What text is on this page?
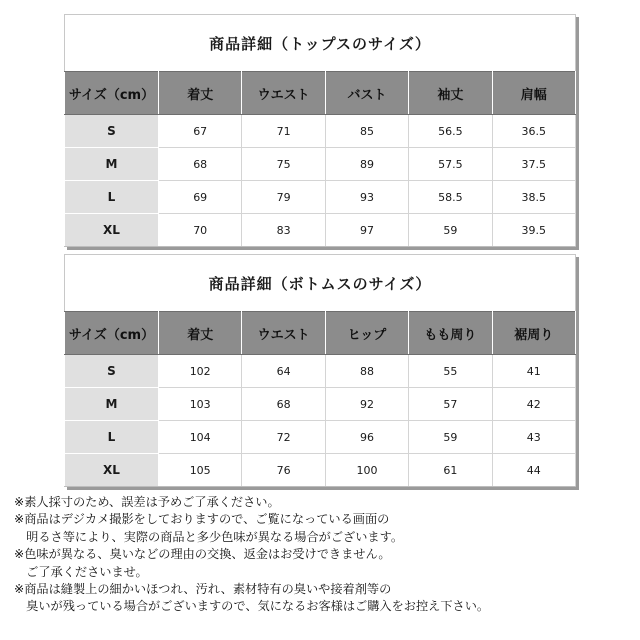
商品詳細（トップスのサイズ）
サイズ（cm）	着丈	ウエスト	バスト	袖丈	肩幅
S	67	71	85	56.5	36.5
M	68	75	89	57.5	37.5
L	69	79	93	58.5	38.5
XL	70	83	97	59	39.5
商品詳細（ボトムスのサイズ）
サイズ（cm）	着丈	ウエスト	ヒップ	もも周り	裾周り
S	102	64	88	55	41
M	103	68	92	57	42
L	104	72	96	59	43
XL	105	76	100	61	44
※素人採寸のため、誤差は予めご了承ください。
※商品はデジカメ撮影をしておりますので、ご覧になっている画面の
　明るさ等により、実際の商品と多少色味が異なる場合がございます。
※色味が異なる、臭いなどの理由の交換、返金はお受けできません。
　ご了承くださいませ。
※商品は縫製上の細かいほつれ、汚れ、素材特有の臭いや接着剤等の
　臭いが残っている場合がございますので、気になるお客様はご購入をお控え下さい。
